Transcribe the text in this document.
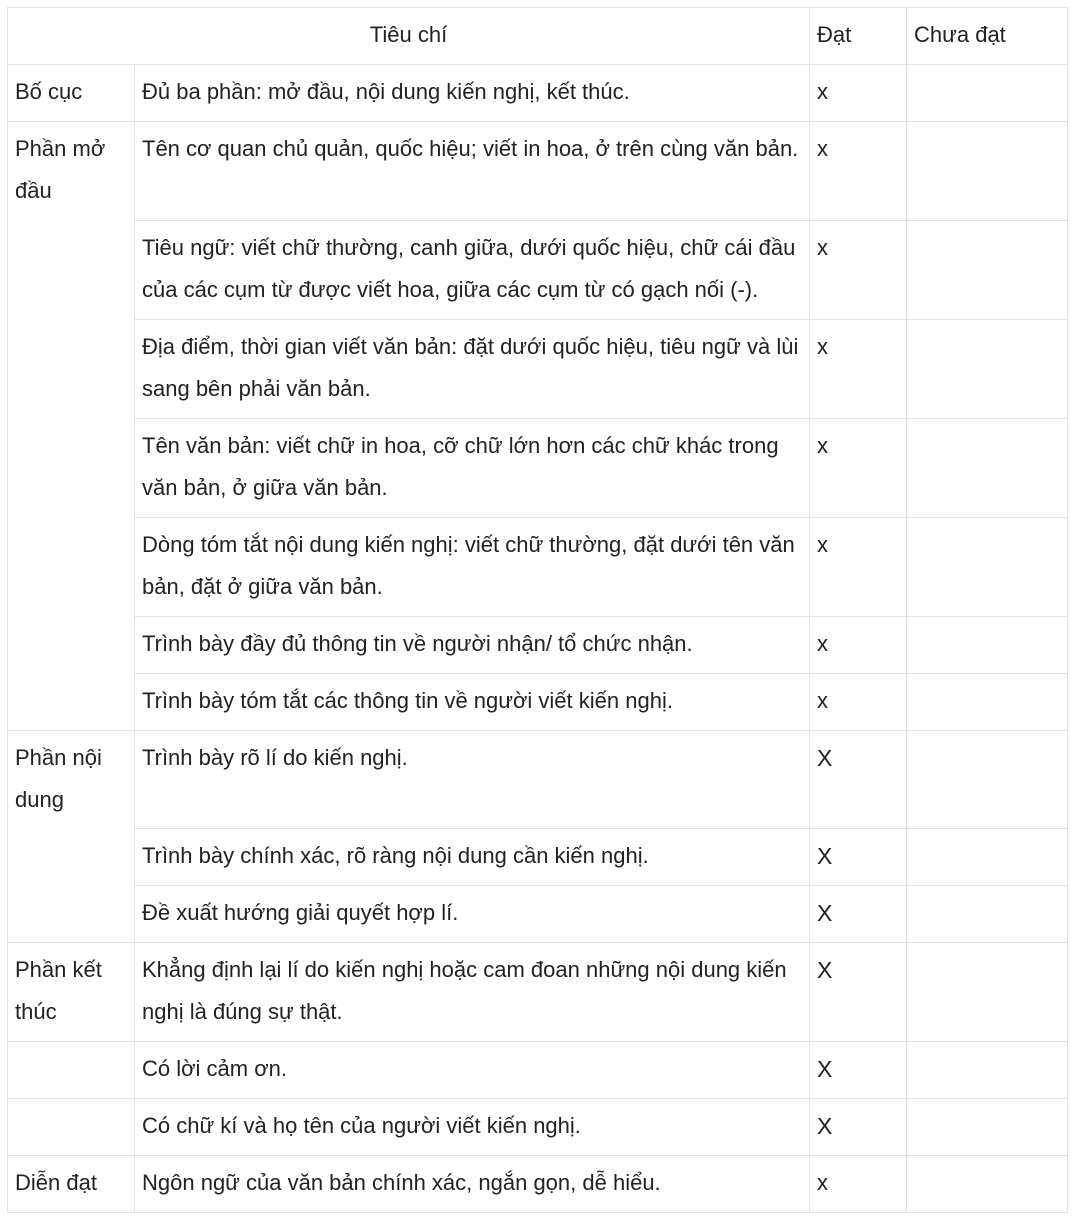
Tiêu chí		Đạt	Chưa đạt
Bố cục	Đủ ba phần: mở đầu, nội dung kiến nghị, kết thúc.	x	
Phần mở đầu	Tên cơ quan chủ quản, quốc hiệu; viết in hoa, ở trên cùng văn bản.	x	
	Tiêu ngữ: viết chữ thường, canh giữa, dưới quốc hiệu, chữ cái đầu của các cụm từ được viết hoa, giữa các cụm từ có gạch nối (-).	x	
	Địa điểm, thời gian viết văn bản: đặt dưới quốc hiệu, tiêu ngữ và lùi sang bên phải văn bản.	x	
	Tên văn bản: viết chữ in hoa, cỡ chữ lớn hơn các chữ khác trong văn bản, ở giữa văn bản.	x	
	Dòng tóm tắt nội dung kiến nghị: viết chữ thường, đặt dưới tên văn bản, đặt ở giữa văn bản.	x	
	Trình bày đầy đủ thông tin về người nhận/ tổ chức nhận.	x	
	Trình bày tóm tắt các thông tin về người viết kiến nghị.	x	
Phần nội dung	Trình bày rõ lí do kiến nghị.	X	
	Trình bày chính xác, rõ ràng nội dung cần kiến nghị.	X	
	Đề xuất hướng giải quyết hợp lí.	X	
Phần kết thúc	Khẳng định lại lí do kiến nghị hoặc cam đoan những nội dung kiến nghị là đúng sự thật.	X	
	Có lời cảm ơn.	X	
	Có chữ kí và họ tên của người viết kiến nghị.	X	
Diễn đạt	Ngôn ngữ của văn bản chính xác, ngắn gọn, dễ hiểu.	x	
